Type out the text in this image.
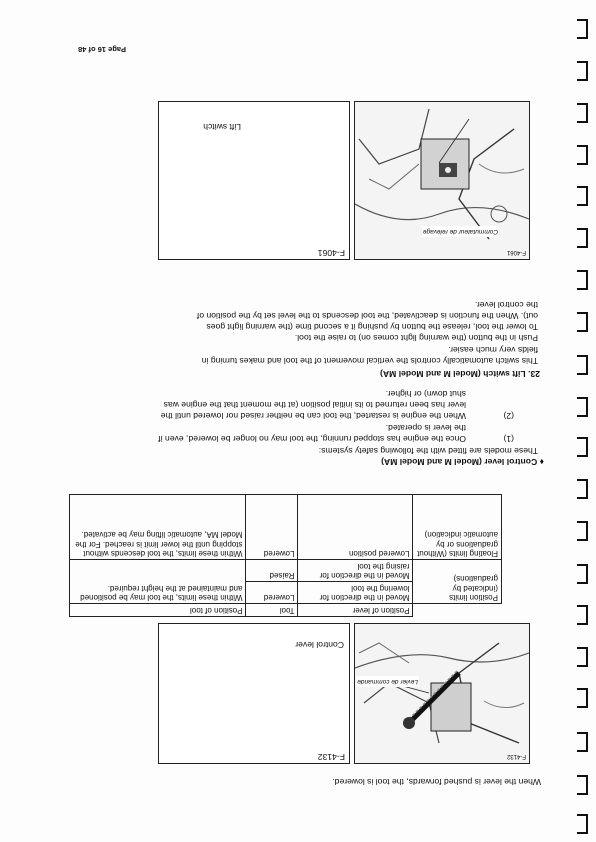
Page 16 of 48
When the lever is pushed forwards, the tool is lowered.
F-4132
Levier de commande
F-4132
Control lever
	Position of lever	Tool	Position of tool
Position limits (indicated by graduations)	Moved in the direction for lowering the tool	Lowered	Within these limits, the tool may be positioned and maintained at the height required.
	Moved in the direction for raising the tool	Raised	
Floating limits (Without graduations or by automatic indication)	Lowered position	Lowered	Within these limits, the tool descends without stopping until the lower limit is reached. For the Model MA, automatic lifting may be activated.
♦ Control lever (Model M and Model MA)
These models are fitted with the following safety systems:
(1)
Once the engine has stopped running, the tool may no longer be lowered, even if
the lever is operated.
(2)
When the engine is restarted, the tool can be neither raised nor lowered until the
lever has been returned to its initial position (at the moment that the engine was
shut down) or higher.
23. Lift switch (Model M and Model MA)
This switch automatically controls the vertical movement of the tool and makes turning in
fields very much easier.
Push in the button (the warning light comes on) to raise the tool.
To lower the tool, release the button by pushing it a second time (the warning light goes
out). When the function is deactivated, the tool descends to the level set by the position of
the control lever.
F-4061
Commutateur de relevage
F-4061
Lift switch
